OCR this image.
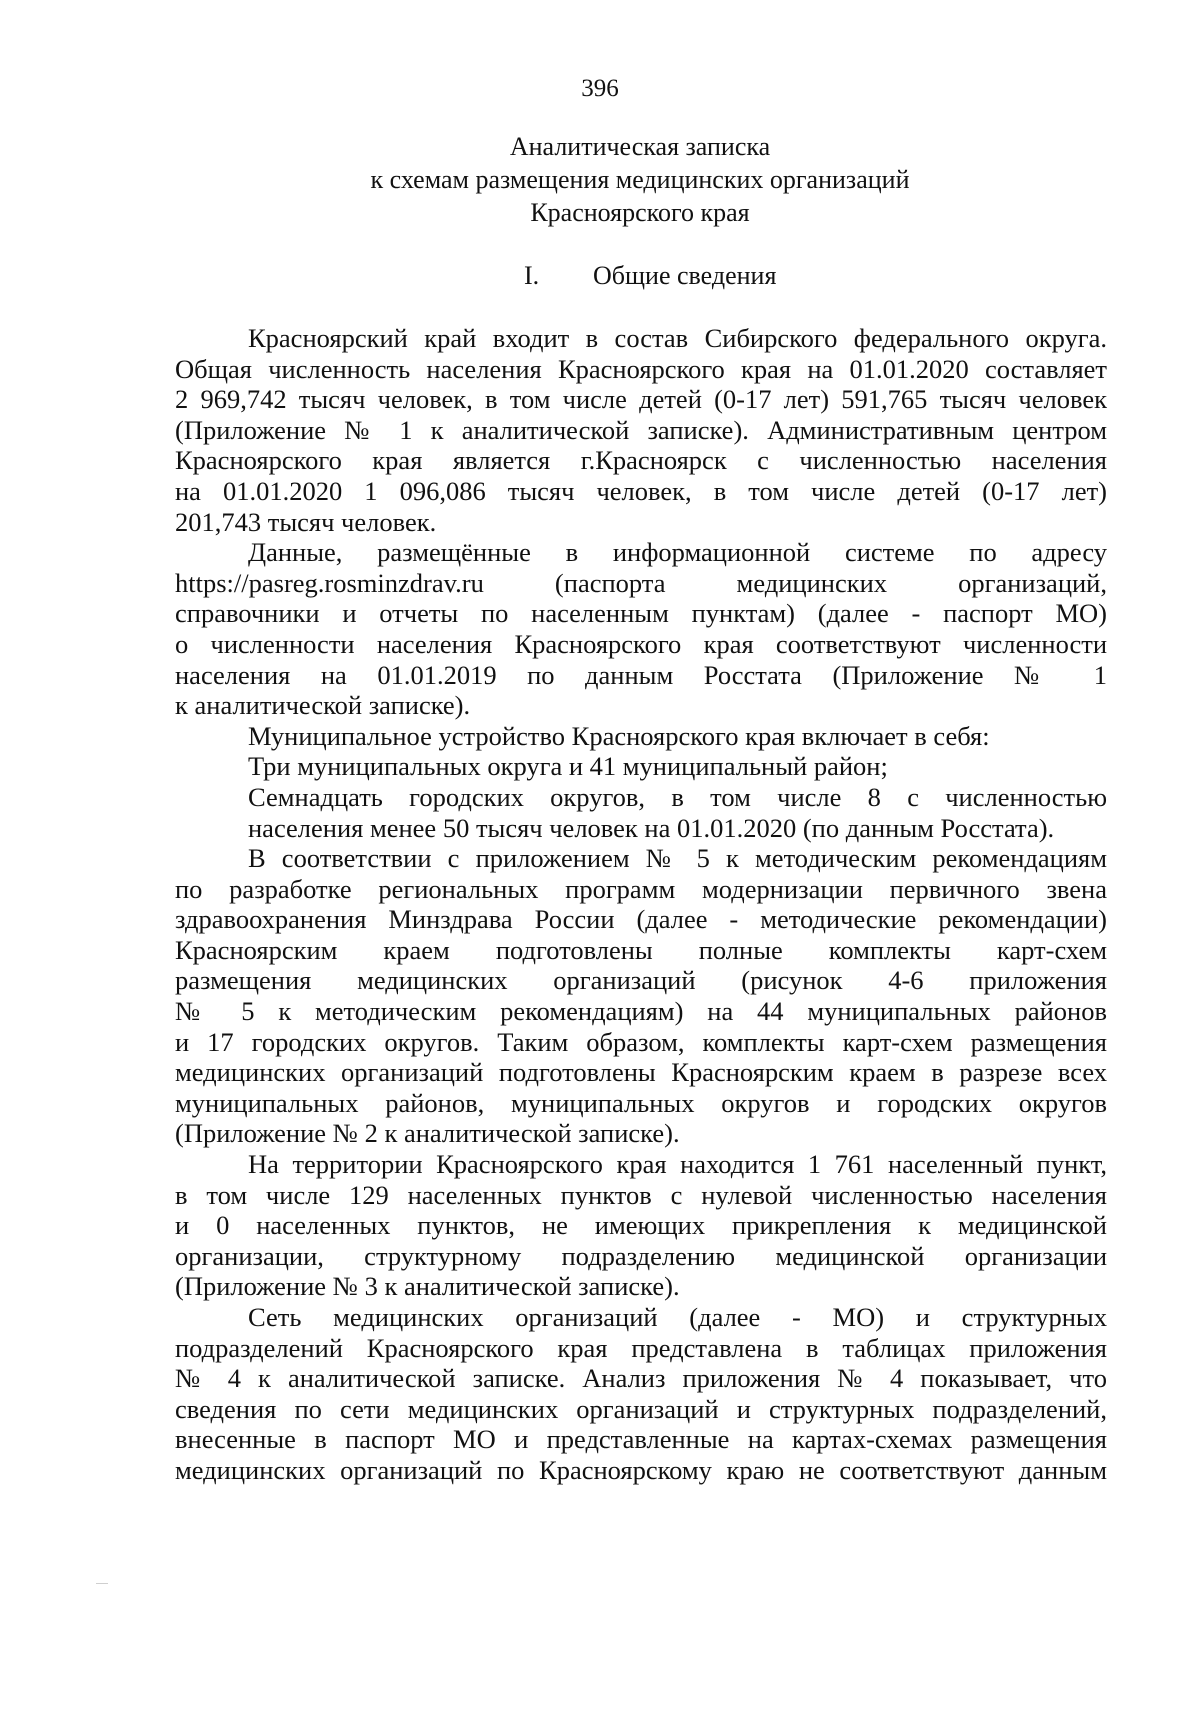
396
Аналитическая записка
к схемам размещения медицинских организаций
Красноярского края
I. Общие сведения
Красноярский край входит в состав Сибирского федерального округа.
Общая численность населения Красноярского края на 01.01.2020 составляет
2 969,742 тысяч человек, в том числе детей (0-17 лет) 591,765 тысяч человек
(Приложение № 1 к аналитической записке). Административным центром
Красноярского края является г.Красноярск с численностью населения
на 01.01.2020 1 096,086 тысяч человек, в том числе детей (0-17 лет)
201,743 тысяч человек.
Данные, размещённые в информационной системе по адресу
https://pasreg.rosminzdrav.ru (паспорта медицинских организаций,
справочники и отчеты по населенным пунктам) (далее - паспорт МО)
о численности населения Красноярского края соответствуют численности
населения на 01.01.2019 по данным Росстата (Приложение № 1
к аналитической записке).
Муниципальное устройство Красноярского края включает в себя:
Три муниципальных округа и 41 муниципальный район;
Семнадцать городских округов, в том числе 8 с численностью
населения менее 50 тысяч человек на 01.01.2020 (по данным Росстата).
В соответствии с приложением № 5 к методическим рекомендациям
по разработке региональных программ модернизации первичного звена
здравоохранения Минздрава России (далее - методические рекомендации)
Красноярским краем подготовлены полные комплекты карт-схем
размещения медицинских организаций (рисунок 4-6 приложения
№ 5 к методическим рекомендациям) на 44 муниципальных районов
и 17 городских округов. Таким образом, комплекты карт-схем размещения
медицинских организаций подготовлены Красноярским краем в разрезе всех
муниципальных районов, муниципальных округов и городских округов
(Приложение № 2 к аналитической записке).
На территории Красноярского края находится 1 761 населенный пункт,
в том числе 129 населенных пунктов с нулевой численностью населения
и 0 населенных пунктов, не имеющих прикрепления к медицинской
организации, структурному подразделению медицинской организации
(Приложение № 3 к аналитической записке).
Сеть медицинских организаций (далее - МО) и структурных
подразделений Красноярского края представлена в таблицах приложения
№ 4 к аналитической записке. Анализ приложения № 4 показывает, что
сведения по сети медицинских организаций и структурных подразделений,
внесенные в паспорт МО и представленные на картах-схемах размещения
медицинских организаций по Красноярскому краю не соответствуют данным
